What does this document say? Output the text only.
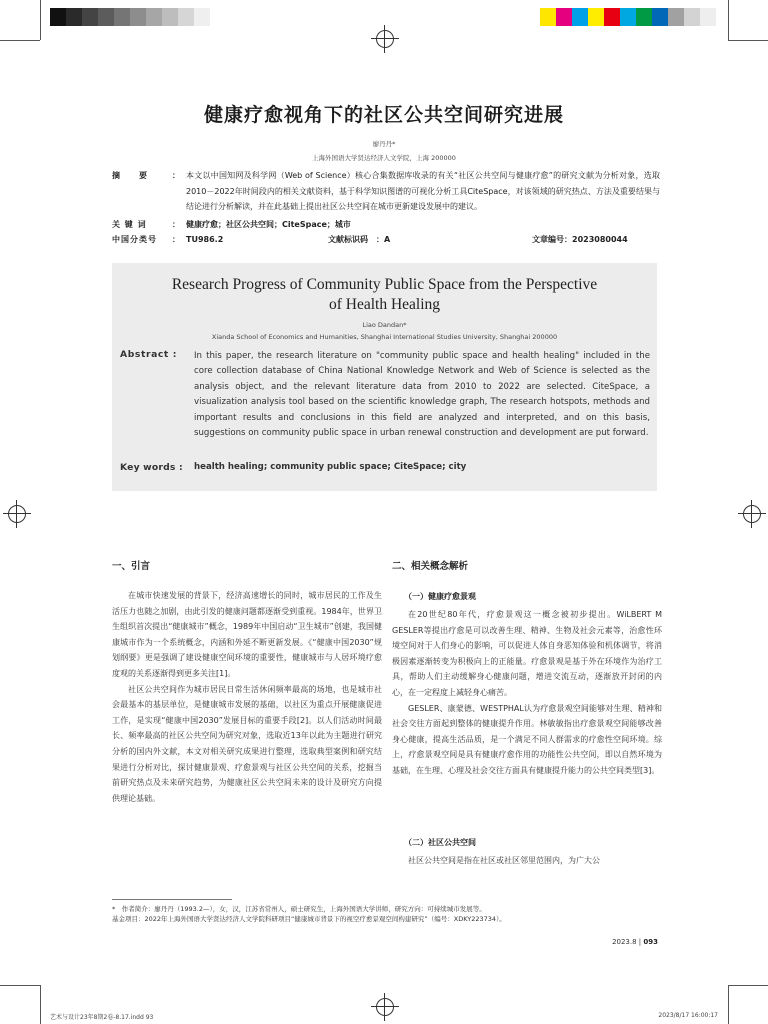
健康疗愈视角下的社区公共空间研究进展
廖丹丹*
上海外国语大学贤达经济人文学院，上海 200000
摘　　要	： 本文以中国知网及科学网（Web of Science）核心合集数据库收录的有关“社区公共空间与健康疗愈”的研究文献为分析对象，选取2010－2022年时间段内的相关文献资料，基于科学知识图谱的可视化分析工具CiteSpace，对该领域的研究热点、方法及重要结果与结论进行分析解读，并在此基础上提出社区公共空间在城市更新建设发展中的建议。
关 键 词	： 健康疗愈；社区公共空间；CiteSpace；城市
中国分类号 ： TU986.2	文献标识码 ： A	文章编号 ： 2023080044
Research Progress of Community Public Space from the Perspective
of Health Healing
Liao Dandan*
Xianda School of Economics and Humanities, Shanghai International Studies University, Shanghai 200000
Abstract : In this paper, the research literature on "community public space and health healing" included in the core collection database of China National Knowledge Network and Web of Science is selected as the analysis object, and the relevant literature data from 2010 to 2022 are selected. CiteSpace, a visualization analysis tool based on the scientific knowledge graph, The research hotspots, methods and important results and conclusions in this field are analyzed and interpreted, and on this basis, suggestions on community public space in urban renewal construction and development are put forward.
Key words : health healing; community public space; CiteSpace; city
一、引言

在城市快速发展的背景下，经济高速增长的同时，城市居民的工作及生活压力也随之加剧，由此引发的健康问题都逐渐受到重视。1984年，世界卫生组织首次提出“健康城市”概念，1989年中国启动“卫生城市”创建，我国健康城市作为一个系统概念，内涵和外延不断更新发展。《“健康中国2030”规划纲要》更是强调了建设健康空间环境的重要性，健康城市与人居环境疗愈度观的关系逐渐得到更多关注[1]。

社区公共空间作为城市居民日常生活休闲频率最高的场地，也是城市社会最基本的基层单位，是健康城市发展的基础，以社区为重点开展健康促进工作，是实现“健康中国2030”发展目标的重要手段[2]。以人们活动时间最长、频率最高的社区公共空间为研究对象，选取近13年以此为主题进行研究分析的国内外文献，本文对相关研究成果进行整理，选取典型案例和研究结果进行分析对比，探讨健康景观、疗愈景观与社区公共空间的关系，挖掘当前研究热点及未来研究趋势，为健康社区公共空间未来的设计及研究方向提供理论基础。

二、相关概念解析
（一）健康疗愈景观

在20世纪80年代，疗愈景观这一概念被初步提出。WiLBERT M GESLER等提出疗愈是可以改善生理、精神、生物及社会元素等，治愈性环境空间对于人们身心的影响，可以促进人体自身恶知体验和机体调节，将消极因素逐渐转变为积极向上的正能量。疗愈景观是基于外在环境作为治疗工具，帮助人们主动缓解身心健康问题，增进交流互动，逐渐放开封闭的内心，在一定程度上减轻身心痛苦。

GESLER、康蒙德、WESTPHAL认为疗愈景观空间能够对生理、精神和社会交往方面起到整体的健康提升作用。林敏敏指出疗愈景观空间能够改善身心健康，提高生活品质，是一个满足不同人群需求的疗愈性空间环境。综上，疗愈景观空间是具有健康疗愈作用的功能性公共空间，即以自然环境为基础，在生理、心理及社会交往方面具有健康提升能力的公共空间类型[3]。

（二）社区公共空间

社区公共空间是指在社区或社区邻里范围内，为广大公

*　作者简介：廖丹丹（1993.2—），女，汉，江苏省常州人，硕士研究生，上海外国语大学讲师，研究方向：可持续城市发展等。
基金项目：2022年上海外国语大学贤达经济人文学院科研项目“健康城市背景下的视空疗愈景观空间构建研究”（编号：XDKY223734）。
2023.8 | 093
艺术与设计23年8期2卷-8.17.indd 93	2023/8/17 16:00:17
